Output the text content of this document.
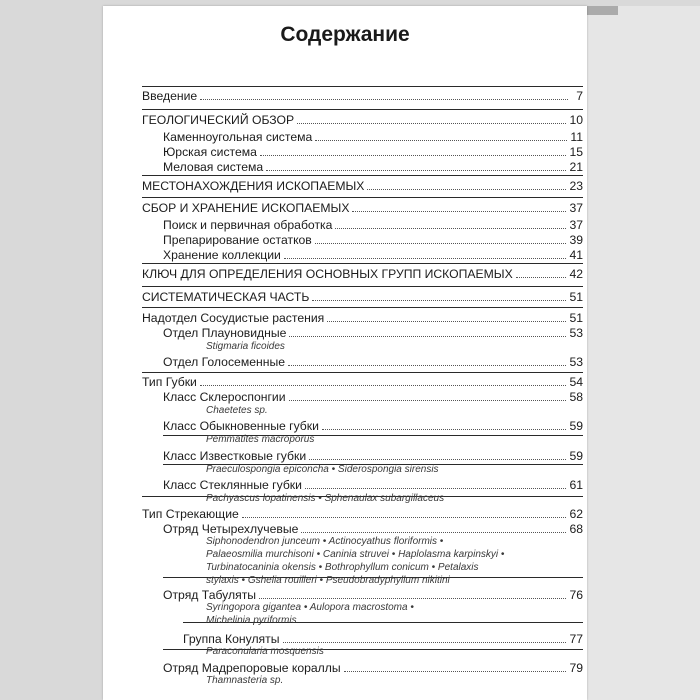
Содержание
Введение	7
ГЕОЛОГИЧЕСКИЙ ОБЗОР	10
Каменноугольная система	11
Юрская система	15
Меловая система	21
МЕСТОНАХОЖДЕНИЯ ИСКОПАЕМЫХ	23
СБОР И ХРАНЕНИЕ ИСКОПАЕМЫХ	37
Поиск и первичная обработка	37
Препарирование остатков	39
Хранение коллекции	41
КЛЮЧ ДЛЯ ОПРЕДЕЛЕНИЯ ОСНОВНЫХ ГРУПП ИСКОПАЕМЫХ	42
СИСТЕМАТИЧЕСКАЯ ЧАСТЬ	51
Надотдел Сосудистые растения	51
Отдел Плауновидные	53
Отдел Голосеменные	53
Тип Губки	54
Класс Склероспонгии	58
Класс Обыкновенные губки	59
Класс Известковые губки	59
Класс Стеклянные губки	61
Тип Стрекающие	62
Отряд Четырехлучевые	68
Отряд Табуляты	76
Группа Конуляты	77
Отряд Мадрепоровые кораллы	79
Stigmaria ficoides
Chaetetes sp.
Pemmatites macroporus
Praeculospongia epiconcha • Siderospongia sirensis
Pachyascus lopatinensis • Sphenaulax subargillaceus
Siphonodendron junceum • Actinocyathus floriformis •
Palaeosmilia murchisoni • Caninia struvei • Haplolasma karpinskyi •
Turbinatocaninia okensis • Bothrophyllum conicum • Petalaxis
stylaxis • Gshelia rouilleri • Pseudobradyphyllum nikitini
Syringopora gigantea • Aulopora macrostoma •
Michelinia pyriformis
Paraconularia mosquensis
Thamnasteria sp.
